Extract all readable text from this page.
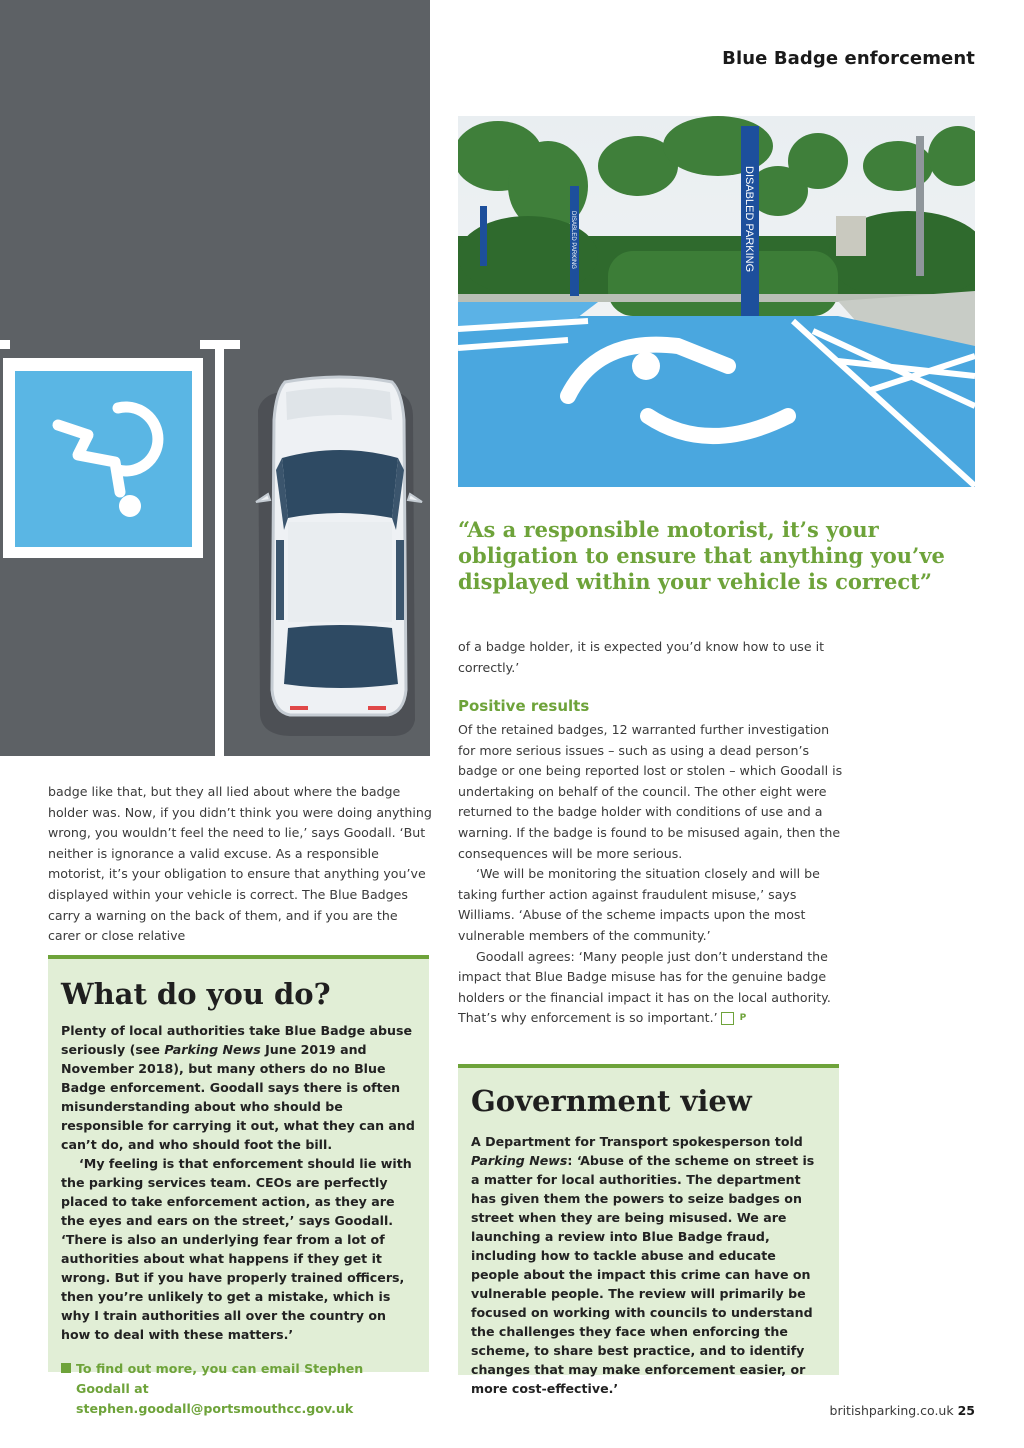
Blue Badge enforcement
DISABLED PARKING
DISABLED PARKING

“As a responsible motorist, it’s your obligation to ensure that anything you’ve displayed within your vehicle is correct”

badge like that, but they all lied about where the badge holder was. Now, if you didn’t think you were doing anything wrong, you wouldn’t feel the need to lie,’ says Goodall. ‘But neither is ignorance a valid excuse. As a responsible motorist, it’s your obligation to ensure that anything you’ve displayed within your vehicle is correct. The Blue Badges carry a warning on the back of them, and if you are the carer or close relative

of a badge holder, it is expected you’d know how to use it correctly.’

Positive results

Of the retained badges, 12 warranted further investigation for more serious issues – such as using a dead person’s badge or one being reported lost or stolen – which Goodall is undertaking on behalf of the council. The other eight were returned to the badge holder with conditions of use and a warning. If the badge is found to be misused again, then the consequences will be more serious.

‘We will be monitoring the situation closely and will be taking further action against fraudulent misuse,’ says Williams. ‘Abuse of the scheme impacts upon the most vulnerable members of the community.’

Goodall agrees: ‘Many people just don’t understand the impact that Blue Badge misuse has for the genuine badge holders or the financial impact it has on the local authority. That’s why enforcement is so important.’ P

What do you do?

Plenty of local authorities take Blue Badge abuse seriously (see Parking News June 2019 and November 2018), but many others do no Blue Badge enforcement. Goodall says there is often misunderstanding about who should be responsible for carrying it out, what they can and can’t do, and who should foot the bill.

‘My feeling is that enforcement should lie with the parking services team. CEOs are perfectly placed to take enforcement action, as they are the eyes and ears on the street,’ says Goodall. ‘There is also an underlying fear from a lot of authorities about what happens if they get it wrong. But if you have properly trained officers, then you’re unlikely to get a mistake, which is why I train authorities all over the country on how to deal with these matters.’

To find out more, you can email Stephen Goodall at stephen.goodall@portsmouthcc.gov.uk
Government view

A Department for Transport spokesperson told Parking News: ‘Abuse of the scheme on street is a matter for local authorities. The department has given them the powers to seize badges on street when they are being misused. We are launching a review into Blue Badge fraud, including how to tackle abuse and educate people about the impact this crime can have on vulnerable people. The review will primarily be focused on working with councils to understand the challenges they face when enforcing the scheme, to share best practice, and to identify changes that may make enforcement easier, or more cost-effective.’

britishparking.co.uk 25
